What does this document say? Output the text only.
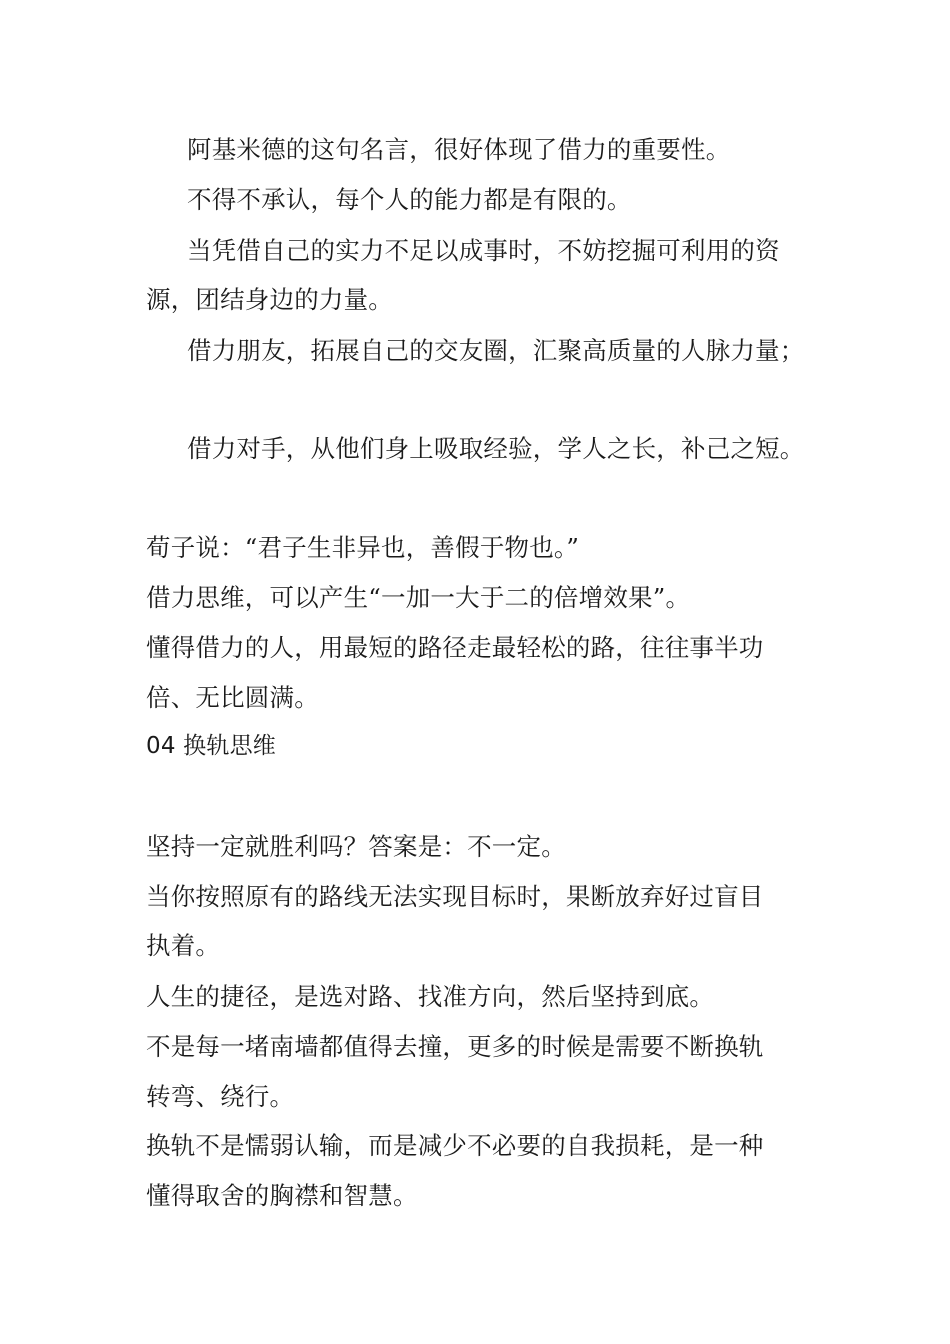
阿基米德的这句名言，很好体现了借力的重要性。
不得不承认，每个人的能力都是有限的。
当凭借自己的实力不足以成事时，不妨挖掘可利用的资
源，团结身边的力量。
借力朋友，拓展自己的交友圈，汇聚高质量的人脉力量；
借力对手，从他们身上吸取经验，学人之长，补己之短。
荀子说：“君子生非异也，善假于物也。”
借力思维，可以产生“一加一大于二的倍增效果”。
懂得借力的人，用最短的路径走最轻松的路，往往事半功
倍、无比圆满。
04 换轨思维
坚持一定就胜利吗？答案是：不一定。
当你按照原有的路线无法实现目标时，果断放弃好过盲目
执着。
人生的捷径，是选对路、找准方向，然后坚持到底。
不是每一堵南墙都值得去撞，更多的时候是需要不断换轨
转弯、绕行。
换轨不是懦弱认输，而是减少不必要的自我损耗，是一种
懂得取舍的胸襟和智慧。
